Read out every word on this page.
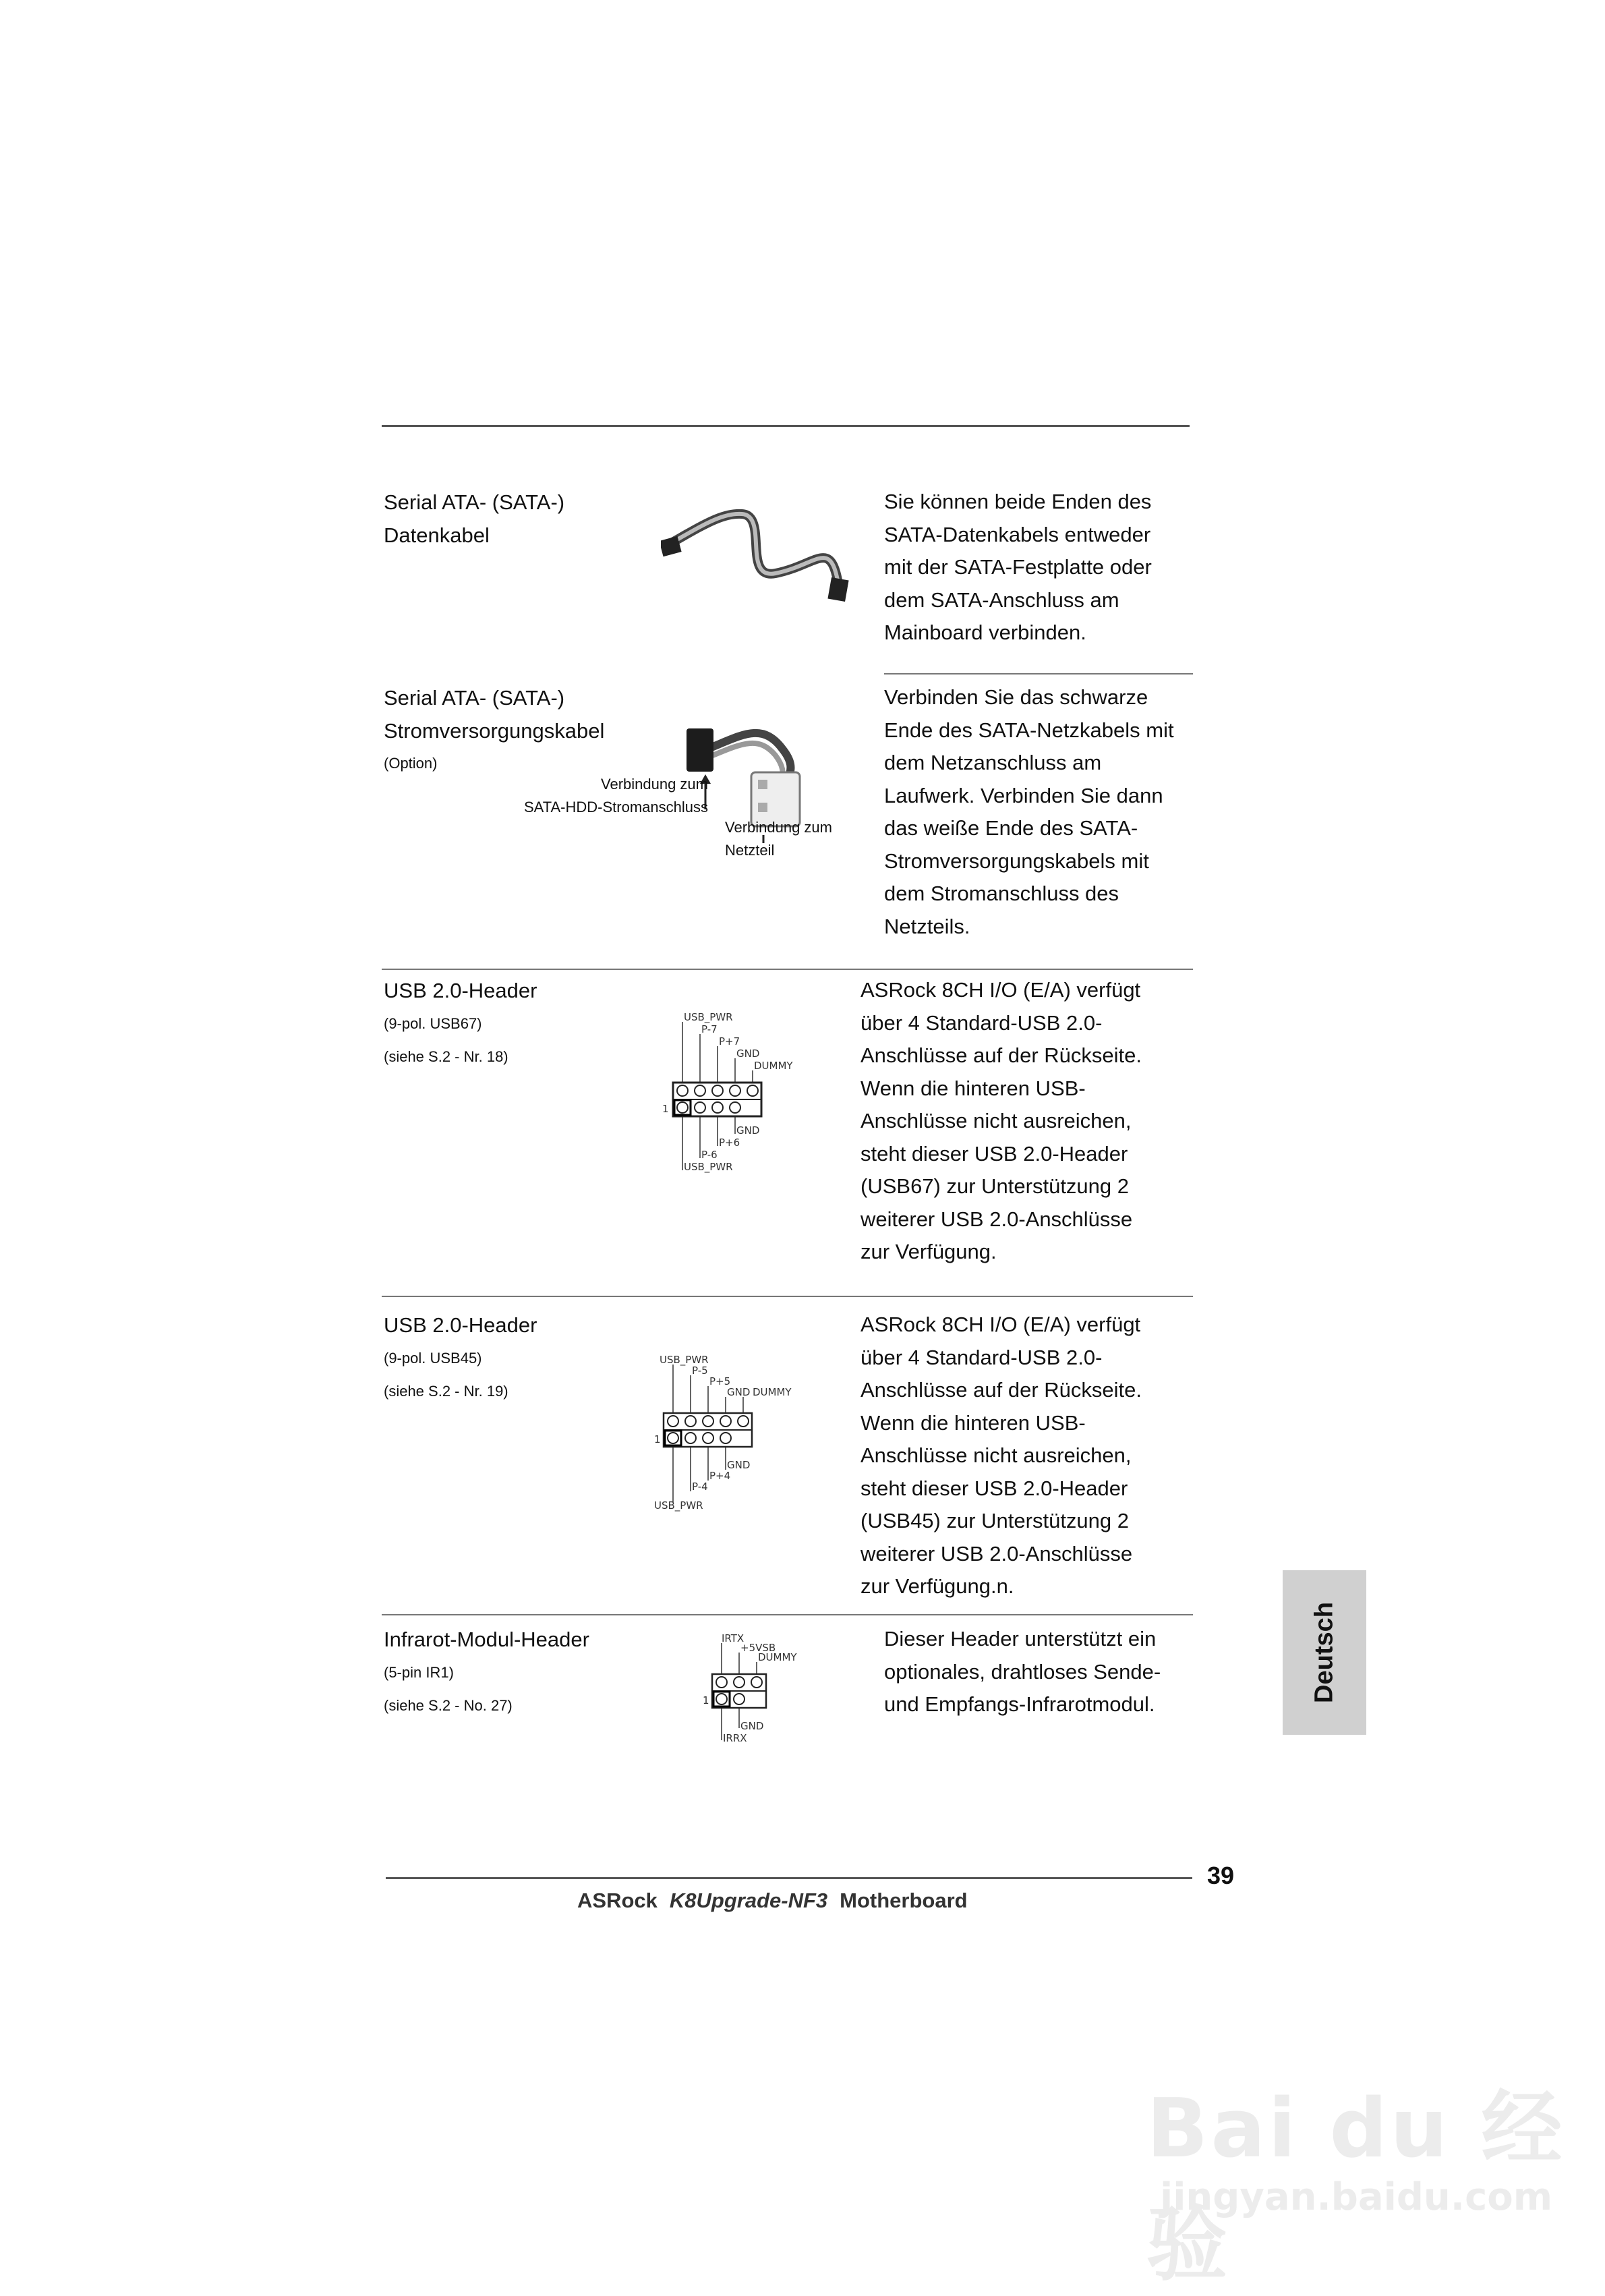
Serial ATA- (SATA-)
Datenkabel

Sie können beide Enden des
SATA-Datenkabels entweder
mit der SATA-Festplatte oder
dem SATA-Anschluss am
Mainboard verbinden.

Serial ATA- (SATA-)
Stromversorgungskabel

(Option)

Verbindung zum
SATA-HDD-Stromanschluss

Verbindung zum
Netzteil

Verbinden Sie das schwarze
Ende des SATA-Netzkabels mit
dem Netzanschluss am
Laufwerk. Verbinden Sie dann
das weiße Ende des SATA-
Stromversorgungskabels mit
dem Stromanschluss des
Netzteils.

USB 2.0-Header

(9-pol. USB67)
(siehe S.2 - Nr. 18)

USB_PWR
P-7
P+7
GND
DUMMY
1
GND
P+6
P-6
USB_PWR

ASRock 8CH I/O (E/A) verfügt
über 4 Standard-USB 2.0-
Anschlüsse auf der Rückseite.
Wenn die hinteren USB-
Anschlüsse nicht ausreichen,
steht dieser USB 2.0-Header
(USB67) zur Unterstützung 2
weiterer USB 2.0-Anschlüsse
zur Verfügung.

USB 2.0-Header

(9-pol. USB45)
(siehe S.2 - Nr. 19)

USB_PWR
P-5
P+5
GND DUMMY
1
GND
P+4
P-4
USB_PWR

ASRock 8CH I/O (E/A) verfügt
über 4 Standard-USB 2.0-
Anschlüsse auf der Rückseite.
Wenn die hinteren USB-
Anschlüsse nicht ausreichen,
steht dieser USB 2.0-Header
(USB45) zur Unterstützung 2
weiterer USB 2.0-Anschlüsse
zur Verfügung.n.

Infrarot-Modul-Header

(5-pin IR1)
(siehe S.2 - No. 27)

IRTX
+5VSB
DUMMY
1
GND
IRRX

Dieser Header unterstützt ein
optionales, drahtloses Sende-
und Empfangs-Infrarotmodul.

Deutsch
39
ASRock K8Upgrade-NF3 Motherboard
Bai du 经验
jingyan.baidu.com
